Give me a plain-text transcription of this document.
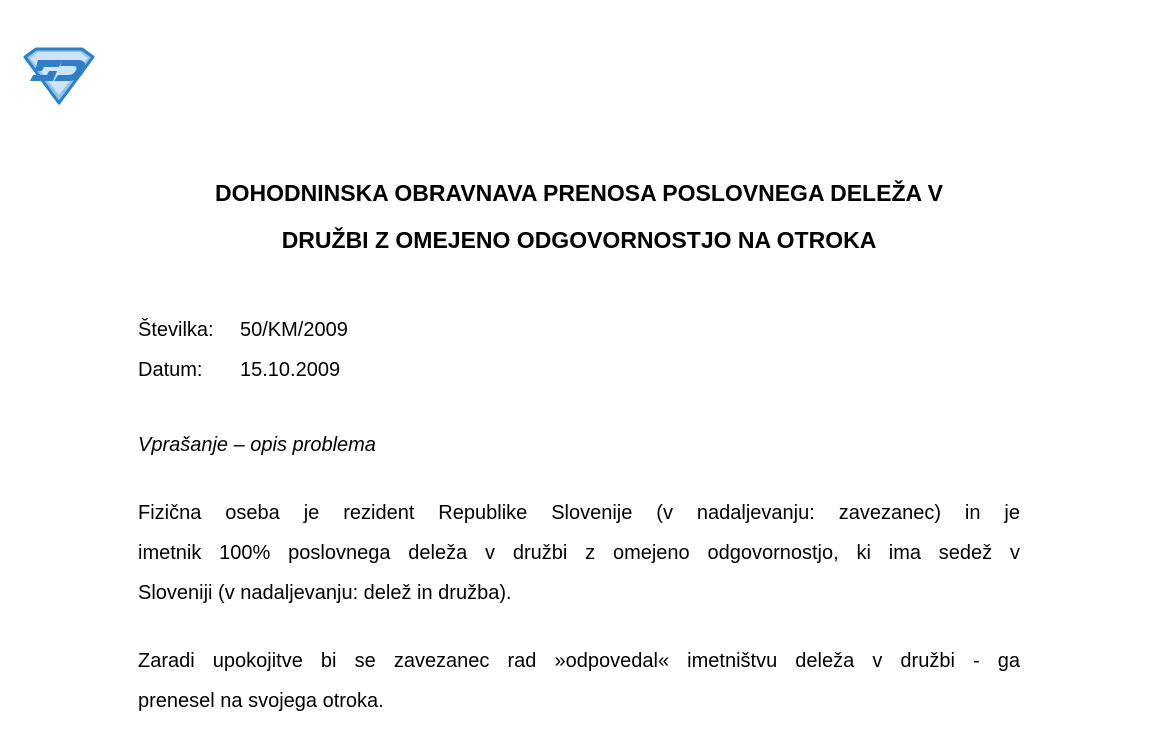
DOHODNINSKA OBRAVNAVA PRENOSA POSLOVNEGA DELEŽA V
DRUŽBI Z OMEJENO ODGOVORNOSTJO NA OTROKA
Številka:	50/KM/2009
Datum:	15.10.2009
Vprašanje – opis problema

Fizična oseba je rezident Republike Slovenije (v nadaljevanju: zavezanec) in je
imetnik 100% poslovnega deleža v družbi z omejeno odgovornostjo, ki ima sedež v
Sloveniji (v nadaljevanju: delež in družba).

Zaradi upokojitve bi se zavezanec rad »odpovedal« imetništvu deleža v družbi - ga
prenesel na svojega otroka.
